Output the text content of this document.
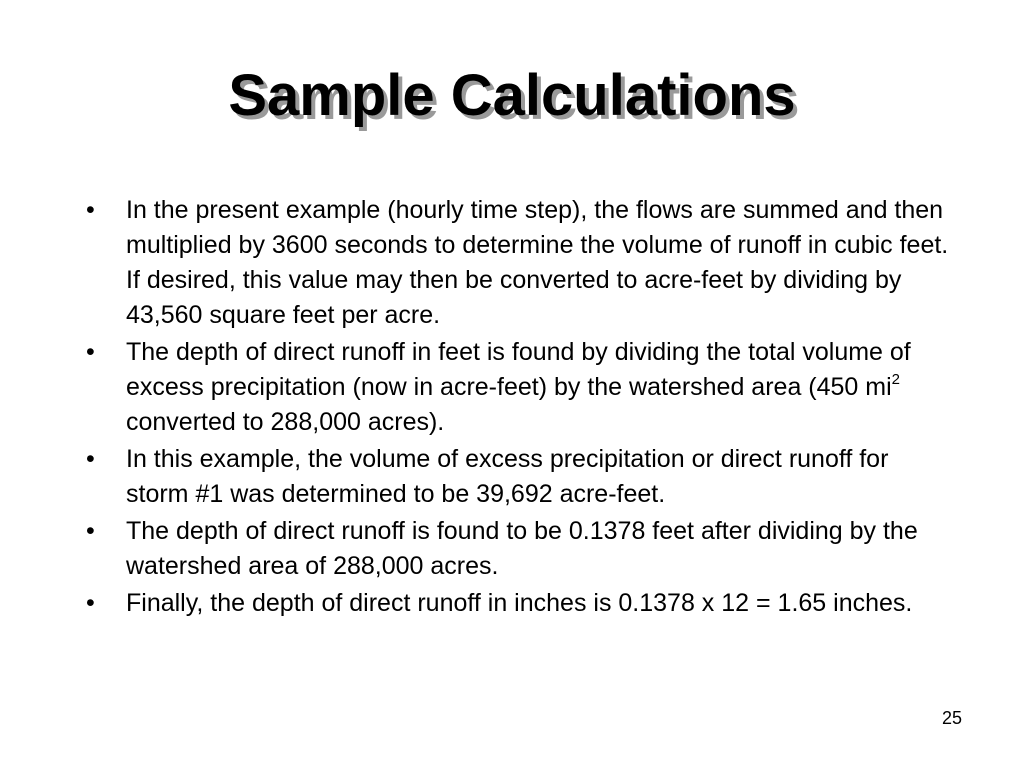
Sample Calculations
• In the present example (hourly time step), the flows are summed and then multiplied by 3600 seconds to determine the volume of runoff in cubic feet. If desired, this value may then be converted to acre-feet by dividing by 43,560 square feet per acre.
• The depth of direct runoff in feet is found by dividing the total volume of excess precipitation (now in acre-feet) by the watershed area (450 $mi^2$ converted to 288,000 acres).
• In this example, the volume of excess precipitation or direct runoff for storm #1 was determined to be 39,692 acre-feet.
• The depth of direct runoff is found to be 0.1378 feet after dividing by the watershed area of 288,000 acres.
• Finally, the depth of direct runoff in inches is 0.1378 x 12 = 1.65 inches.
25
